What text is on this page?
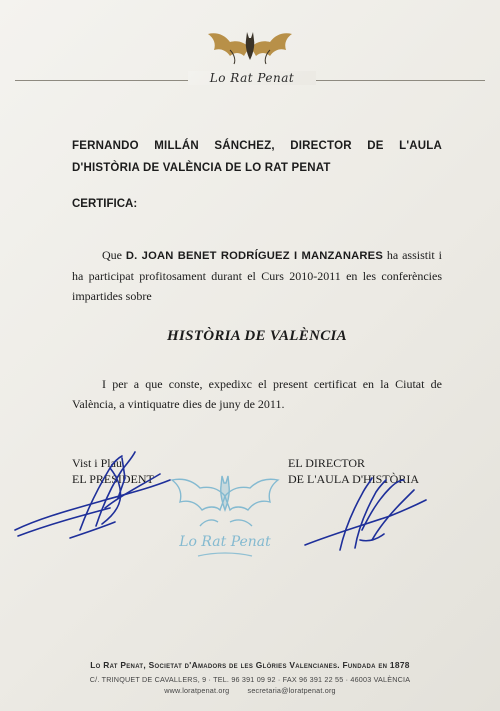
Lo Rat Penat
FERNANDO MILLÁN SÁNCHEZ, DIRECTOR DE L'AULA
D'HISTÒRIA DE VALÈNCIA DE LO RAT PENAT
CERTIFICA:
Que D. JOAN BENET RODRÍGUEZ I MANZANARES ha assistit i ha participat profitosament durant el Curs 2010-2011 en les conferències impartides sobre
HISTÒRIA DE VALÈNCIA
I per a que conste, expedixc el present certificat en la Ciutat de València, a vintiquatre dies de juny de 2011.
Vist i Plau,
EL PRESIDENT
EL DIRECTOR
DE L'AULA D'HISTÒRIA
Lo Rat Penat
Lo Rat Penat, Societat d'Amadors de les Glòries Valencianes. Fundada en 1878
C/. TRINQUET DE CAVALLERS, 9 · TEL. 96 391 09 92 · FAX 96 391 22 55 · 46003 VALÈNCIA
www.loratpenat.org	secretaria@loratpenat.org
